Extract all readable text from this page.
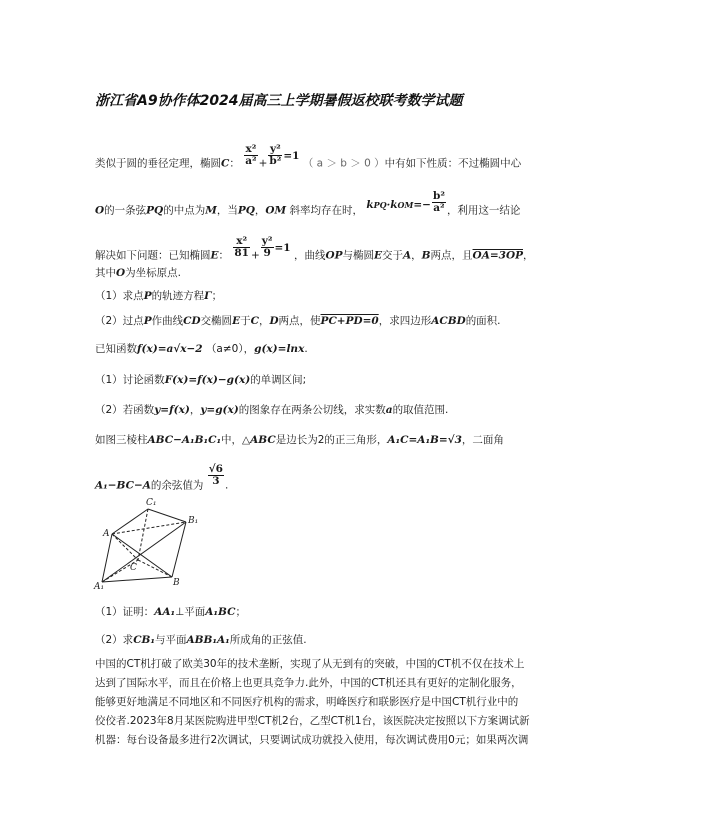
浙江省A9协作体2024届高三上学期暑假返校联考数学试题
类似于圆的垂径定理，椭圆C： $\frac{\text{x²}}{\text{a²}} + \frac{\text{y²}}{\text{b²}} =1$ （ a ＞ b ＞ 0 ）中有如下性质：不过椭圆中心
O的一条弦PQ的中点为M，当PQ，OM 斜率均存在时， $kPQ\cdot kOM=- \frac{\text{b²}}{\text{a²}}$ ，利用这一结论
解决如下问题：已知椭圆E： $\frac{\text{x²}}{81} + \frac{\text{y²}}{9} =1$ ，曲线OP与椭圆E交于A，B两点，且OA=3OP，
其中O为坐标原点.
（1）求点P的轨迹方程Γ；
（2）过点P作曲线CD交椭圆E于C，D两点，使PC+PD=0，求四边形ACBD的面积.
已知函数f(x)=a√x−2 （a≠0），g(x)=lnx.
（1）讨论函数F(x)=f(x)−g(x)的单调区间;
（2）若函数y=f(x)，y=g(x)的图象存在两条公切线，求实数a的取值范围.
如图三棱柱ABC−A₁B₁C₁中，△ABC是边长为2的正三角形，A₁C=A₁B=√3，二面角
A₁−BC−A的余弦值为 $\frac{√6}{3}$ .
C₁
B₁
A
C
B
A₁
（1）证明：AA₁⊥平面A₁BC；
（2）求CB₁与平面ABB₁A₁所成角的正弦值.
中国的CT机打破了欧美30年的技术垄断，实现了从无到有的突破，中国的CT机不仅在技术上
达到了国际水平，而且在价格上也更具竞争力.此外，中国的CT机还具有更好的定制化服务，
能够更好地满足不同地区和不同医疗机构的需求，明峰医疗和联影医疗是中国CT机行业中的
佼佼者.2023年8月某医院购进甲型CT机2台，乙型CT机1台，该医院决定按照以下方案调试新
机器：每台设备最多进行2次调试，只要调试成功就投入使用，每次调试费用0元；如果两次调
